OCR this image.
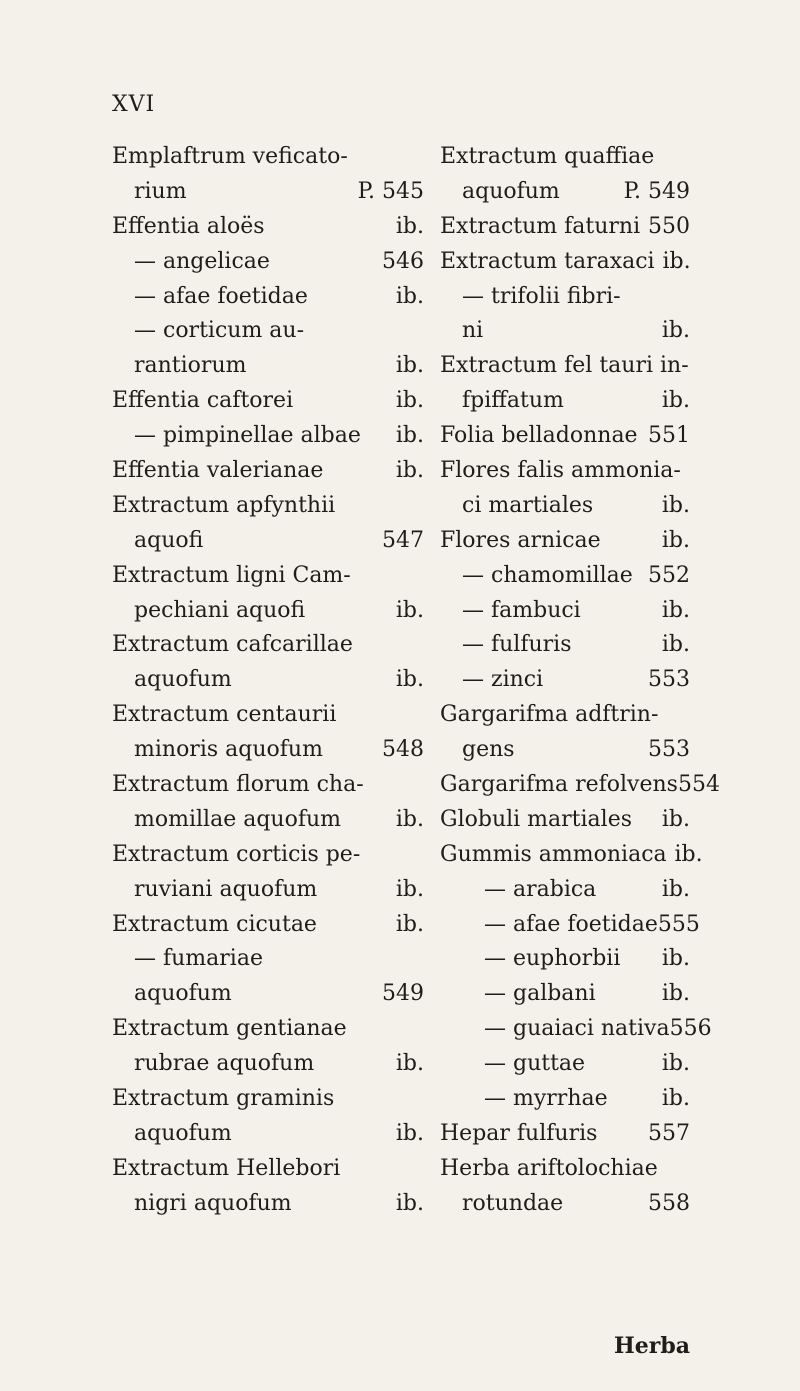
XVI
Emplaftrum veficato-
rium	P. 545
Effentia aloës	ib.
— angelicae	546
— afae foetidae	ib.
— corticum au-
rantiorum	ib.
Effentia caftorei	ib.
— pimpinellae albae	ib.
Effentia valerianae	ib.
Extractum apfynthii
aquofi	547
Extractum ligni Cam-
pechiani aquofi	ib.
Extractum cafcarillae
aquofum	ib.
Extractum centaurii
minoris aquofum	548
Extractum florum cha-
momillae aquofum	ib.
Extractum corticis pe-
ruviani aquofum	ib.
Extractum cicutae	ib.
— fumariae
aquofum	549
Extractum gentianae
rubrae aquofum	ib.
Extractum graminis
aquofum	ib.
Extractum Hellebori
nigri aquofum	ib.
Extractum quaffiae
aquofum	P. 549
Extractum faturni 550
Extractum taraxaci ib.
— trifolii fibri-
ni	ib.
Extractum fel tauri in-
fpiffatum	ib.
Folia belladonnae 551
Flores falis ammonia-
ci martiales	ib.
Flores arnicae	ib.
— chamomillae 552
— fambuci	ib.
— fulfuris	ib.
— zinci	553
Gargarifma adftrin-
gens	553
Gargarifma refolvens 554
Globuli martiales	ib.
Gummis ammoniaca ib.
— arabica	ib.
— afae foetidae 555
— euphorbii	ib.
— galbani	ib.
— guaiaci nativa 556
— guttae	ib.
— myrrhae	ib.
Hepar fulfuris 557
Herba ariftolochiae
rotundae	558
Herba
